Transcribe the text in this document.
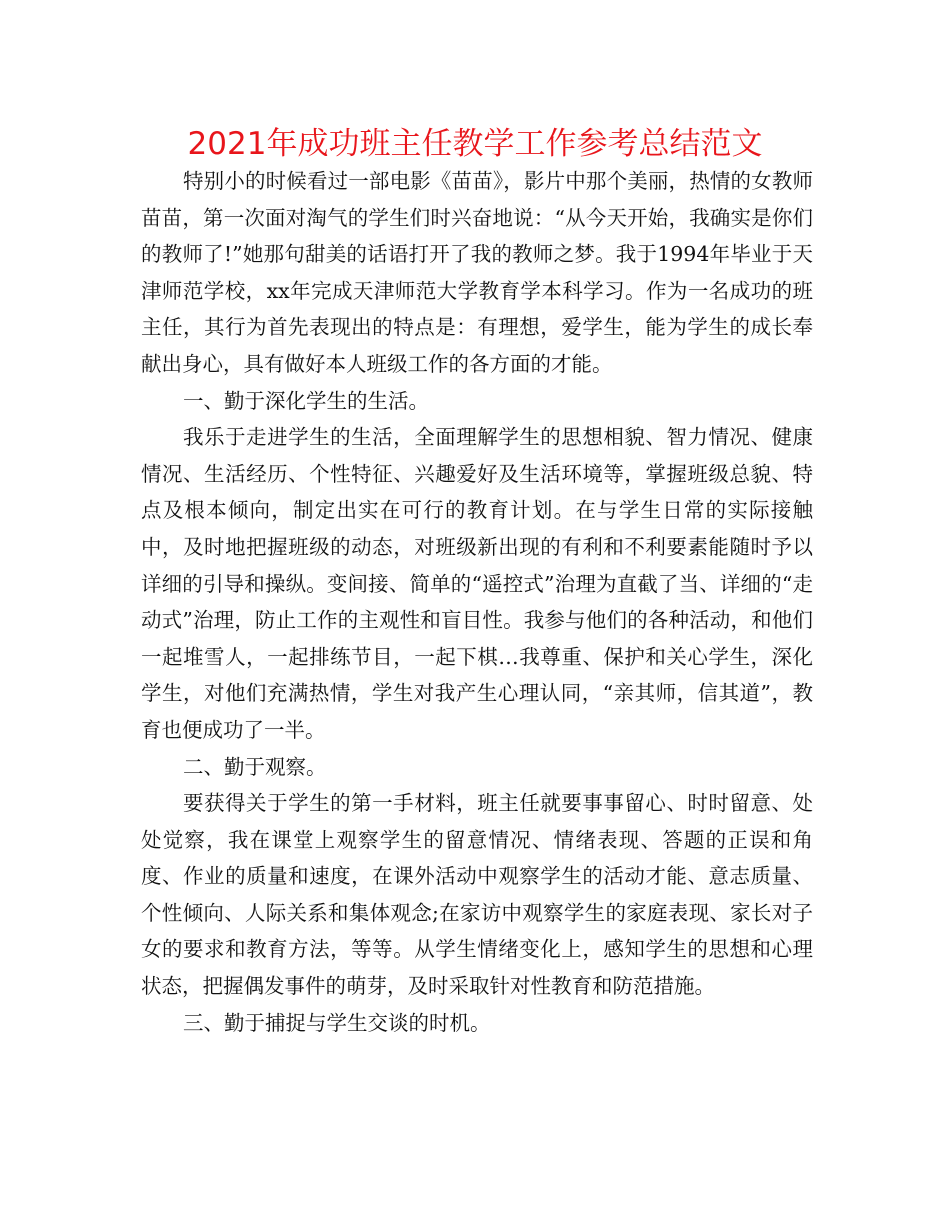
2021年成功班主任教学工作参考总结范文

特别小的时候看过一部电影《苗苗》，影片中那个美丽，热情的女教师苗苗，第一次面对淘气的学生们时兴奋地说：“从今天开始，我确实是你们的教师了!”她那句甜美的话语打开了我的教师之梦。我于1994年毕业于天津师范学校，xx年完成天津师范大学教育学本科学习。作为一名成功的班主任，其行为首先表现出的特点是：有理想，爱学生，能为学生的成长奉献出身心，具有做好本人班级工作的各方面的才能。

一、勤于深化学生的生活。

我乐于走进学生的生活，全面理解学生的思想相貌、智力情况、健康情况、生活经历、个性特征、兴趣爱好及生活环境等，掌握班级总貌、特点及根本倾向，制定出实在可行的教育计划。在与学生日常的实际接触中，及时地把握班级的动态，对班级新出现的有利和不利要素能随时予以详细的引导和操纵。变间接、简单的“遥控式”治理为直截了当、详细的“走动式”治理，防止工作的主观性和盲目性。我参与他们的各种活动，和他们一起堆雪人，一起排练节目，一起下棋…我尊重、保护和关心学生，深化学生，对他们充满热情，学生对我产生心理认同，“亲其师，信其道”，教育也便成功了一半。

二、勤于观察。

要获得关于学生的第一手材料，班主任就要事事留心、时时留意、处处觉察，我在课堂上观察学生的留意情况、情绪表现、答题的正误和角度、作业的质量和速度，在课外活动中观察学生的活动才能、意志质量、个性倾向、人际关系和集体观念;在家访中观察学生的家庭表现、家长对子女的要求和教育方法，等等。从学生情绪变化上，感知学生的思想和心理状态，把握偶发事件的萌芽，及时采取针对性教育和防范措施。

三、勤于捕捉与学生交谈的时机。
